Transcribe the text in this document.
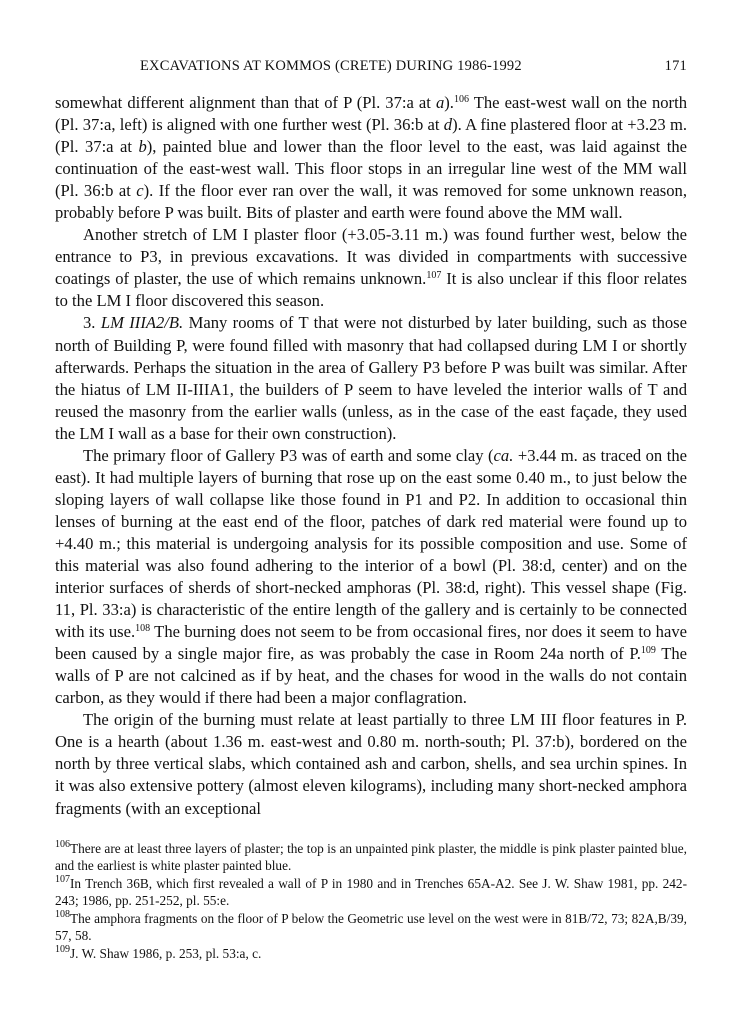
EXCAVATIONS AT KOMMOS (CRETE) DURING 1986-1992	171

somewhat different alignment than that of P (Pl. 37:a at a).$^{106}$ The east-west wall on the north (Pl. 37:a, left) is aligned with one further west (Pl. 36:b at d). A fine plastered floor at +3.23 m. (Pl. 37:a at b), painted blue and lower than the floor level to the east, was laid against the continuation of the east-west wall. This floor stops in an irregular line west of the MM wall (Pl. 36:b at c). If the floor ever ran over the wall, it was removed for some unknown reason, probably before P was built. Bits of plaster and earth were found above the MM wall.

Another stretch of LM I plaster floor (+3.05-3.11 m.) was found further west, below the entrance to P3, in previous excavations. It was divided in compartments with successive coatings of plaster, the use of which remains unknown.$^{107}$ It is also unclear if this floor relates to the LM I floor discovered this season.

3. LM IIIA2/B. Many rooms of T that were not disturbed by later building, such as those north of Building P, were found filled with masonry that had collapsed during LM I or shortly afterwards. Perhaps the situation in the area of Gallery P3 before P was built was similar. After the hiatus of LM II-IIIA1, the builders of P seem to have leveled the interior walls of T and reused the masonry from the earlier walls (unless, as in the case of the east façade, they used the LM I wall as a base for their own construction).

The primary floor of Gallery P3 was of earth and some clay (ca. +3.44 m. as traced on the east). It had multiple layers of burning that rose up on the east some 0.40 m., to just below the sloping layers of wall collapse like those found in P1 and P2. In addition to occasional thin lenses of burning at the east end of the floor, patches of dark red material were found up to +4.40 m.; this material is undergoing analysis for its possible composition and use. Some of this material was also found adhering to the interior of a bowl (Pl. 38:d, center) and on the interior surfaces of sherds of short-necked amphoras (Pl. 38:d, right). This vessel shape (Fig. 11, Pl. 33:a) is characteristic of the entire length of the gallery and is certainly to be connected with its use.$^{108}$ The burning does not seem to be from occasional fires, nor does it seem to have been caused by a single major fire, as was probably the case in Room 24a north of P.$^{109}$ The walls of P are not calcined as if by heat, and the chases for wood in the walls do not contain carbon, as they would if there had been a major conflagration.

The origin of the burning must relate at least partially to three LM III floor features in P. One is a hearth (about 1.36 m. east-west and 0.80 m. north-south; Pl. 37:b), bordered on the north by three vertical slabs, which contained ash and carbon, shells, and sea urchin spines. In it was also extensive pottery (almost eleven kilograms), including many short-necked amphora fragments (with an exceptional

$^{106}$There are at least three layers of plaster; the top is an unpainted pink plaster, the middle is pink plaster painted blue, and the earliest is white plaster painted blue.

$^{107}$In Trench 36B, which first revealed a wall of P in 1980 and in Trenches 65A-A2. See J. W. Shaw 1981, pp. 242-243; 1986, pp. 251-252, pl. 55:e.

$^{108}$The amphora fragments on the floor of P below the Geometric use level on the west were in 81B/72, 73; 82A,B/39, 57, 58.

$^{109}$J. W. Shaw 1986, p. 253, pl. 53:a, c.
